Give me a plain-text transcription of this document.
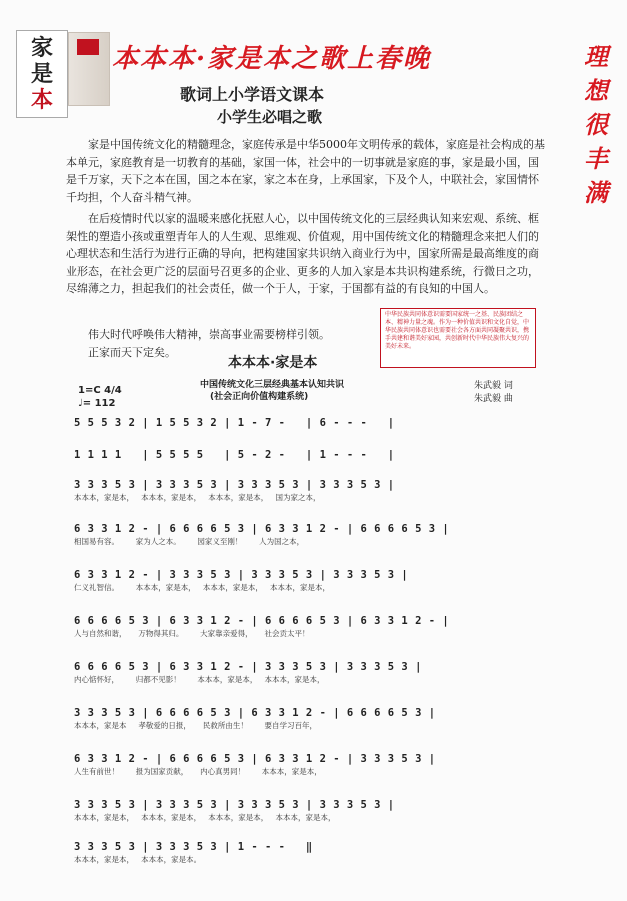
家
是
本
本本本·家是本之歌上春晚	理
想
很
丰
满
歌词上小学语文课本
小学生必唱之歌

家是中国传统文化的精髓理念，家庭传承是中华5000年文明传承的载体，家庭是社会构成的基本单元，家庭教育是一切教育的基础，家国一体，社会中的一切事就是家庭的事，家是最小国，国是千万家，天下之本在国，国之本在家，家之本在身，上承国家，下及个人，中联社会，家国情怀千均担，个人奋斗精气神。

在后疫情时代以家的温暖来感化抚慰人心，以中国传统文化的三层经典认知来宏观、系统、框架性的塑造小孩或重塑青年人的人生观、思维观、价值观，用中国传统文化的精髓理念来把人们的心理状态和生活行为进行正确的导向，把构建国家共识纳入商业行为中，国家所需是最高维度的商业形态，在社会更广泛的层面号召更多的企业、更多的人加入家是本共识构建系统，行微日之功，尽绵薄之力，担起我们的社会责任，做一个于人，于家，于国都有益的有良知的中国人。

伟大时代呼唤伟大精神，崇高事业需要榜样引领。

正家而天下定矣。

中华民族共同体意识需要国家统一之基、民族团结之本、精神力量之魂。作为一种价值共识和文化自觉，中华民族共同体意识也需要社会各方面共同凝聚共识，携手共建和谐美好家园，共创新时代中华民族伟大复兴的美好未来。
本本本·家是本
中国传统文化三层经典基本认知共识
(社会正向价值构建系统)
1=C 4/4
♩= 112
朱武毅 词
朱武毅 曲
5 5 5 3 2 | 1 5 5 3 2 | 1 - 7 -   | 6 - - -   |
1 1 1 1   | 5 5 5 5   | 5 - 2 -   | 1 - - -   |
3 3 3 5 3 | 3 3 3 5 3 | 3 3 3 5 3 | 3 3 3 5 3 |
本本本，家是本，   本本本，家是本，   本本本，家是本，   国为家之本，
6 3 3 1 2 - | 6 6 6 6 5 3 | 6 3 3 1 2 - | 6 6 6 6 5 3 |
相国易有容。       家为人之本。       园家义至刚！       人为国之本，
6 3 3 1 2 - | 3 3 3 5 3 | 3 3 3 5 3 | 3 3 3 5 3 |
仁义礼智信。       本本本，家是本，   本本本，家是本，   本本本，家是本，
6 6 6 6 5 3 | 6 3 3 1 2 - | 6 6 6 6 5 3 | 6 3 3 1 2 - |
人与自然和谐，     万物得其归。       大家靠亲爱得，     社会贡太平！
6 6 6 6 5 3 | 6 3 3 1 2 - | 3 3 3 5 3 | 3 3 3 5 3 |
内心惦怀好，       归都不见影！       本本本，家是本，   本本本，家是本，
3 3 3 5 3 | 6 6 6 6 5 3 | 6 3 3 1 2 - | 6 6 6 6 5 3 |
本本本，家是本     孝敬爱的日报，     民救所由生！       要自学习百年，
6 3 3 1 2 - | 6 6 6 6 5 3 | 6 3 3 1 2 - | 3 3 3 5 3 |
人生有前世！       报为国家贡献，     内心真男同！       本本本，家是本，
3 3 3 5 3 | 3 3 3 5 3 | 3 3 3 5 3 | 3 3 3 5 3 |
本本本，家是本，   本本本，家是本，   本本本，家是本，   本本本，家是本，
3 3 3 5 3 | 3 3 3 5 3 | 1 - - -   ‖
本本本，家是本，   本本本，家是本。
